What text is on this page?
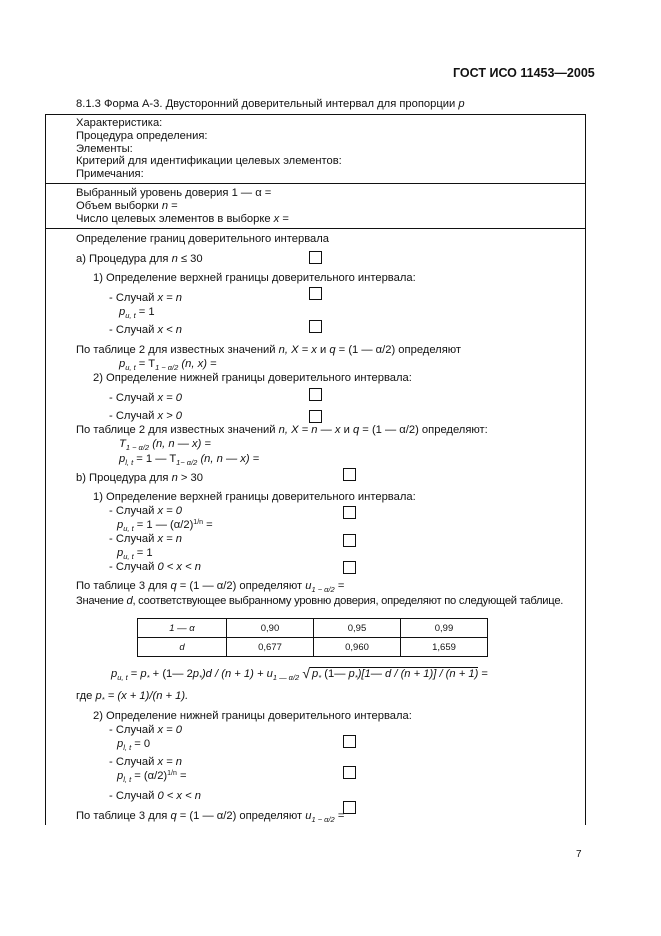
ГОСТ ИСО 11453—2005
8.1.3 Форма А-3. Двусторонний доверительный интервал для пропорции p
Характеристика:
Процедура определения:
Элементы:
Критерий для идентификации целевых элементов:
Примечания:
Выбранный уровень доверия 1 — α =
Объем выборки n =
Число целевых элементов в выборке x =
Определение границ доверительного интервала
а) Процедура для n ≤ 30
1) Определение верхней границы доверительного интервала:
- Случай x = n
$p_{u, t} = 1$
- Случай x < n
По таблице 2 для известных значений n, X = x и q = (1 — α/2) определяют
$p_{u, t} = T_{1 - \alpha/2}$ (n, x) =
2) Определение нижней границы доверительного интервала:
- Случай x = 0
- Случай x > 0
По таблице 2 для известных значений n, X = n — x и q = (1 — α/2) определяют:
$T_{1 - \alpha/2}$ (n, n — x) =
$p_{l, t} = 1$ — $T_{1- \alpha/2}$ (n, n — x) =
b) Процедура для n > 30
1) Определение верхней границы доверительного интервала:
- Случай x = 0
$p_{u, t} = 1$ — $(\alpha/2)^{1/n}$ =
- Случай x = n
$p_{u, t} = 1$
- Случай 0 < x < n
По таблице 3 для q = (1 — α/2) определяют $u_{1 - \alpha/2}$ =
Значение d, соответствующее выбранному уровню доверия, определяют по следующей таблице.
1 — α	0,90	0,95	0,99
d	0,677	0,960	1,659
$p_{u, t} = p_*$ + (1— $2p_*)d / (n + 1) + u_{1 — \alpha/2}$ √ $p_*$ (1— $p_*)[1—$ d / (n + 1)] / (n + 1) =
где $p_* = (x + 1)/(n + 1)$.
2) Определение нижней границы доверительного интервала:
- Случай x = 0
$p_{l, t} = 0$
- Случай x = n
$p_{l, t} = (\alpha/2)^{1/n}$ =
- Случай 0 < x < n
По таблице 3 для q = (1 — α/2) определяют $u_{1 - \alpha/2}$ =
7
